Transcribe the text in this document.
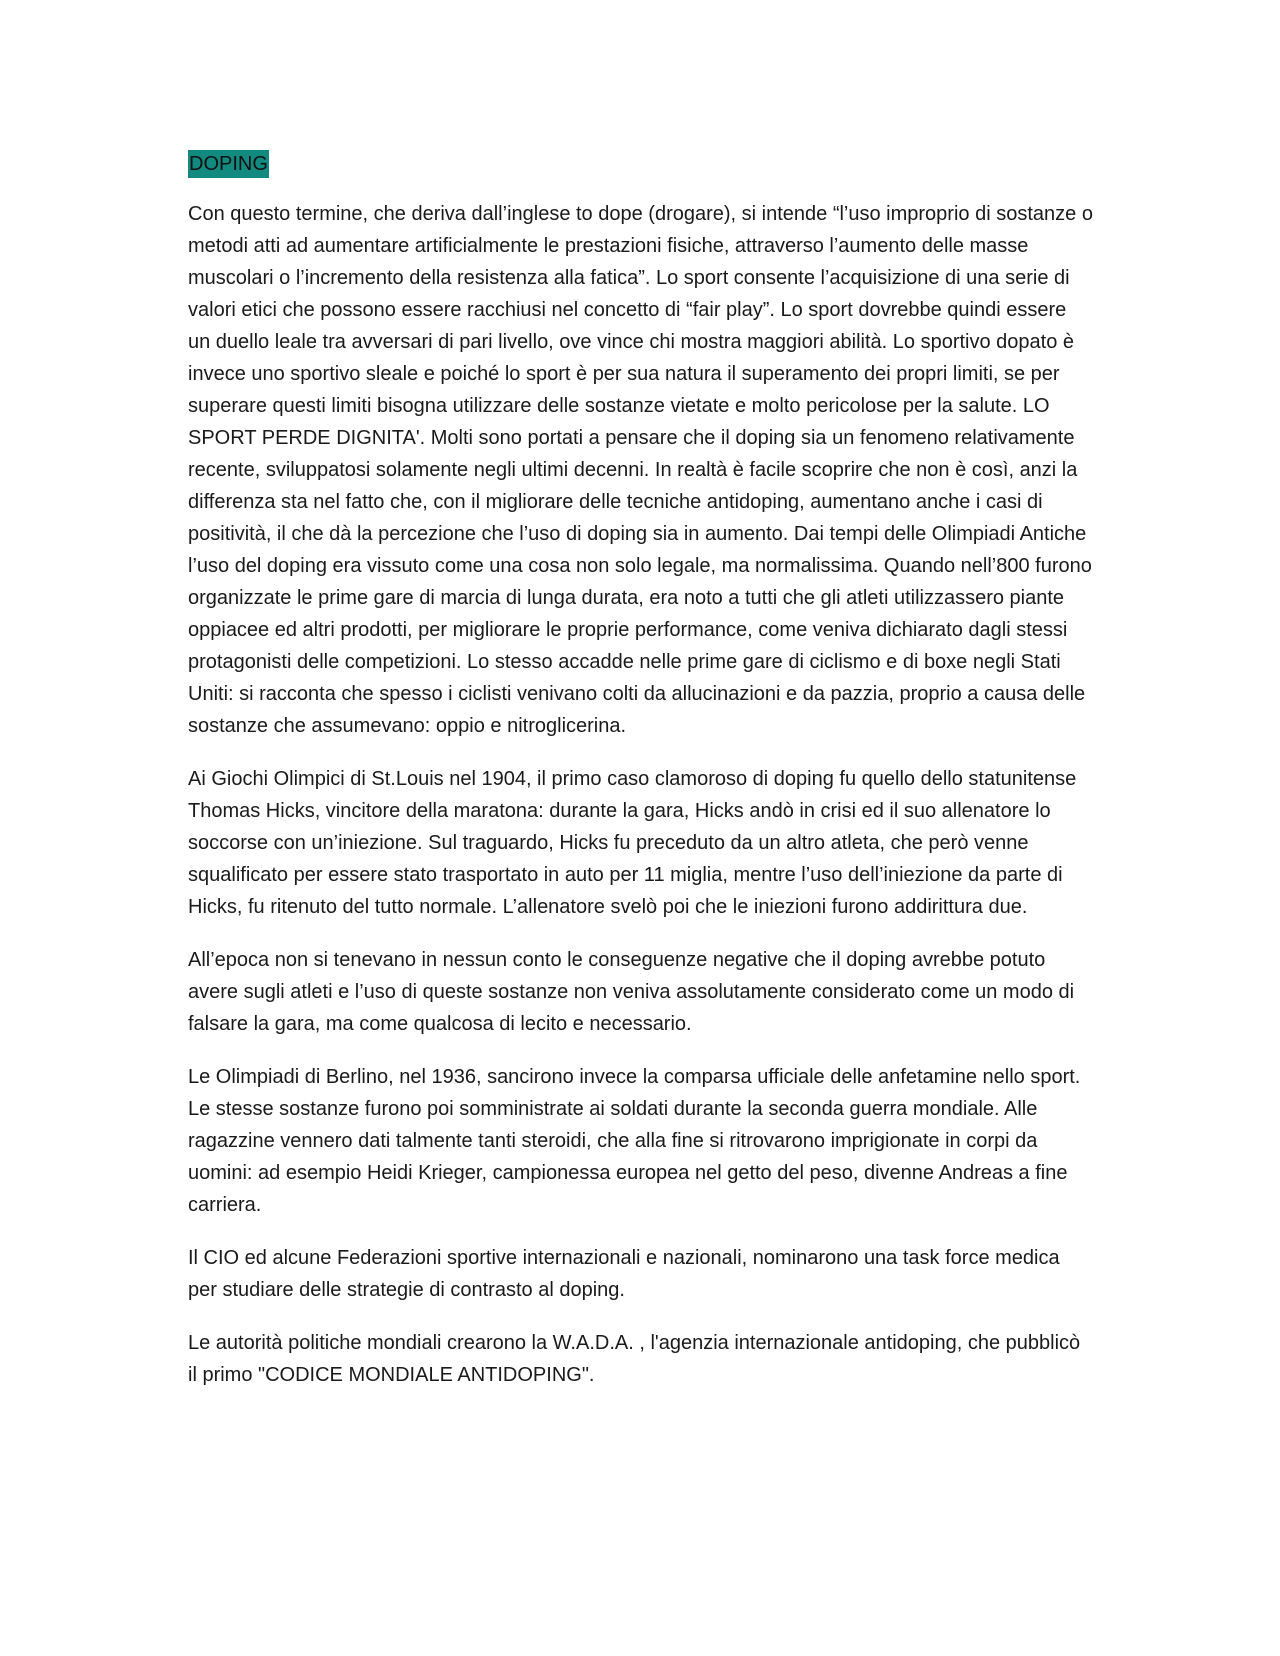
DOPING

Con questo termine, che deriva dall’inglese to dope (drogare), si intende “l’uso improprio di sostanze o metodi atti ad aumentare artificialmente le prestazioni fisiche, attraverso l’aumento delle masse muscolari o l’incremento della resistenza alla fatica”. Lo sport consente l’acquisizione di una serie di valori etici che possono essere racchiusi nel concetto di “fair play”. Lo sport dovrebbe quindi essere un duello leale tra avversari di pari livello, ove vince chi mostra maggiori abilità. Lo sportivo dopato è invece uno sportivo sleale e poiché lo sport è per sua natura il superamento dei propri limiti, se per superare questi limiti bisogna utilizzare delle sostanze vietate e molto pericolose per la salute. LO SPORT PERDE DIGNITA'. Molti sono portati a pensare che il doping sia un fenomeno relativamente recente, sviluppatosi solamente negli ultimi decenni. In realtà è facile scoprire che non è così, anzi la differenza sta nel fatto che, con il migliorare delle tecniche antidoping, aumentano anche i casi di positività, il che dà la percezione che l’uso di doping sia in aumento. Dai tempi delle Olimpiadi Antiche l’uso del doping era vissuto come una cosa non solo legale, ma normalissima. Quando nell’800 furono organizzate le prime gare di marcia di lunga durata, era noto a tutti che gli atleti utilizzassero piante oppiacee ed altri prodotti, per migliorare le proprie performance, come veniva dichiarato dagli stessi protagonisti delle competizioni. Lo stesso accadde nelle prime gare di ciclismo e di boxe negli Stati Uniti: si racconta che spesso i ciclisti venivano colti da allucinazioni e da pazzia, proprio a causa delle sostanze che assumevano: oppio e nitroglicerina.

Ai Giochi Olimpici di St.Louis nel 1904, il primo caso clamoroso di doping fu quello dello statunitense Thomas Hicks, vincitore della maratona: durante la gara, Hicks andò in crisi ed il suo allenatore lo soccorse con un’iniezione. Sul traguardo, Hicks fu preceduto da un altro atleta, che però venne squalificato per essere stato trasportato in auto per 11 miglia, mentre l’uso dell’iniezione da parte di Hicks, fu ritenuto del tutto normale. L’allenatore svelò poi che le iniezioni furono addirittura due.

All’epoca non si tenevano in nessun conto le conseguenze negative che il doping avrebbe potuto avere sugli atleti e l’uso di queste sostanze non veniva assolutamente considerato come un modo di falsare la gara, ma come qualcosa di lecito e necessario.

Le Olimpiadi di Berlino, nel 1936, sancirono invece la comparsa ufficiale delle anfetamine nello sport. Le stesse sostanze furono poi somministrate ai soldati durante la seconda guerra mondiale. Alle ragazzine vennero dati talmente tanti steroidi, che alla fine si ritrovarono imprigionate in corpi da uomini: ad esempio Heidi Krieger, campionessa europea nel getto del peso, divenne Andreas a fine carriera.

Il CIO ed alcune Federazioni sportive internazionali e nazionali, nominarono una task force medica per studiare delle strategie di contrasto al doping.

Le autorità politiche mondiali crearono la W.A.D.A. , l'agenzia internazionale antidoping, che pubblicò il primo "CODICE MONDIALE ANTIDOPING".
